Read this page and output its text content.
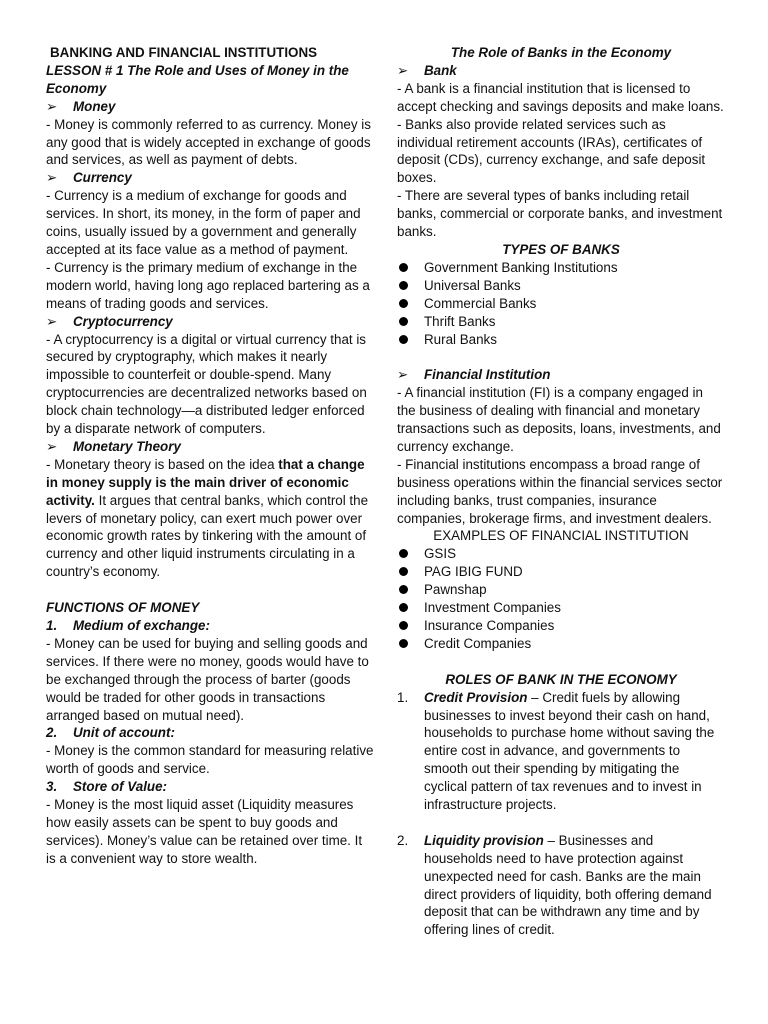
BANKING AND FINANCIAL INSTITUTIONS

LESSON # 1 The Role and Uses of Money in the Economy

➢	Money

- Money is commonly referred to as currency. Money is any good that is widely accepted in exchange of goods and services, as well as payment of debts.

➢	Currency

- Currency is a medium of exchange for goods and services. In short, its money, in the form of paper and coins, usually issued by a government and generally accepted at its face value as a method of payment.

- Currency is the primary medium of exchange in the modern world, having long ago replaced bartering as a means of trading goods and services.

➢	Cryptocurrency

- A cryptocurrency is a digital or virtual currency that is secured by cryptography, which makes it nearly impossible to counterfeit or double-spend. Many cryptocurrencies are decentralized networks based on block chain technology—a distributed ledger enforced by a disparate network of computers.

➢	Monetary Theory

- Monetary theory is based on the idea that a change in money supply is the main driver of economic activity. It argues that central banks, which control the levers of monetary policy, can exert much power over economic growth rates by tinkering with the amount of currency and other liquid instruments circulating in a country’s economy.

FUNCTIONS OF MONEY

1.	Medium of exchange:

- Money can be used for buying and selling goods and services. If there were no money, goods would have to be exchanged through the process of barter (goods would be traded for other goods in transactions arranged based on mutual need).

2.	Unit of account:

- Money is the common standard for measuring relative worth of goods and service.

3.	Store of Value:

- Money is the most liquid asset (Liquidity measures how easily assets can be spent to buy goods and services). Money’s value can be retained over time. It is a convenient way to store wealth.

The Role of Banks in the Economy

➢	Bank

- A bank is a financial institution that is licensed to accept checking and savings deposits and make loans.

- Banks also provide related services such as individual retirement accounts (IRAs), certificates of deposit (CDs), currency exchange, and safe deposit boxes.

- There are several types of banks including retail banks, commercial or corporate banks, and investment banks.

TYPES OF BANKS

Government Banking Institutions
Universal Banks
Commercial Banks
Thrift Banks
Rural Banks
➢	Financial Institution

- A financial institution (FI) is a company engaged in the business of dealing with financial and monetary transactions such as deposits, loans, investments, and currency exchange.

- Financial institutions encompass a broad range of business operations within the financial services sector including banks, trust companies, insurance companies, brokerage firms, and investment dealers.

EXAMPLES OF FINANCIAL INSTITUTION

GSIS
PAG IBIG FUND
Pawnshap
Investment Companies
Insurance Companies
Credit Companies

ROLES OF BANK IN THE ECONOMY

1.	Credit Provision – Credit fuels by allowing businesses to invest beyond their cash on hand, households to purchase home without saving the entire cost in advance, and governments to smooth out their spending by mitigating the cyclical pattern of tax revenues and to invest in infrastructure projects.
2.	Liquidity provision – Businesses and households need to have protection against unexpected need for cash. Banks are the main direct providers of liquidity, both offering demand deposit that can be withdrawn any time and by offering lines of credit.
